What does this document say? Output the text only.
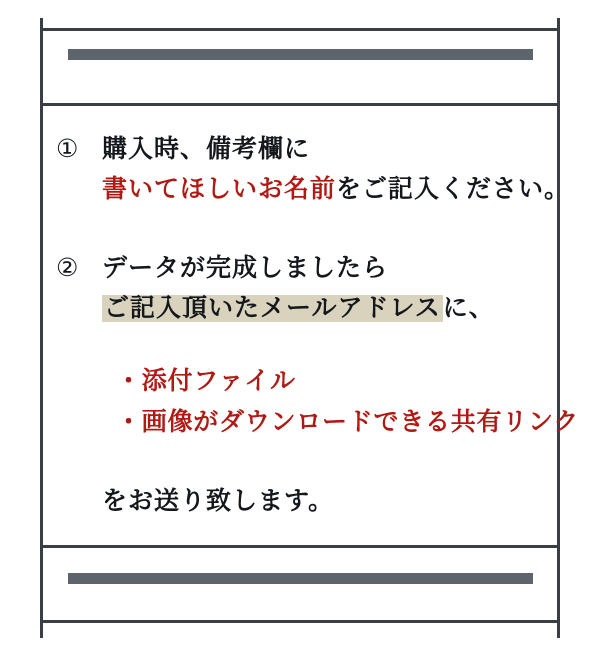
① 購入時、備考欄に
書いてほしいお名前をご記入ください。
② データが完成しましたら
ご記入頂いたメールアドレスに、
・添付ファイル
・画像がダウンロードできる共有リンク
をお送り致します。
